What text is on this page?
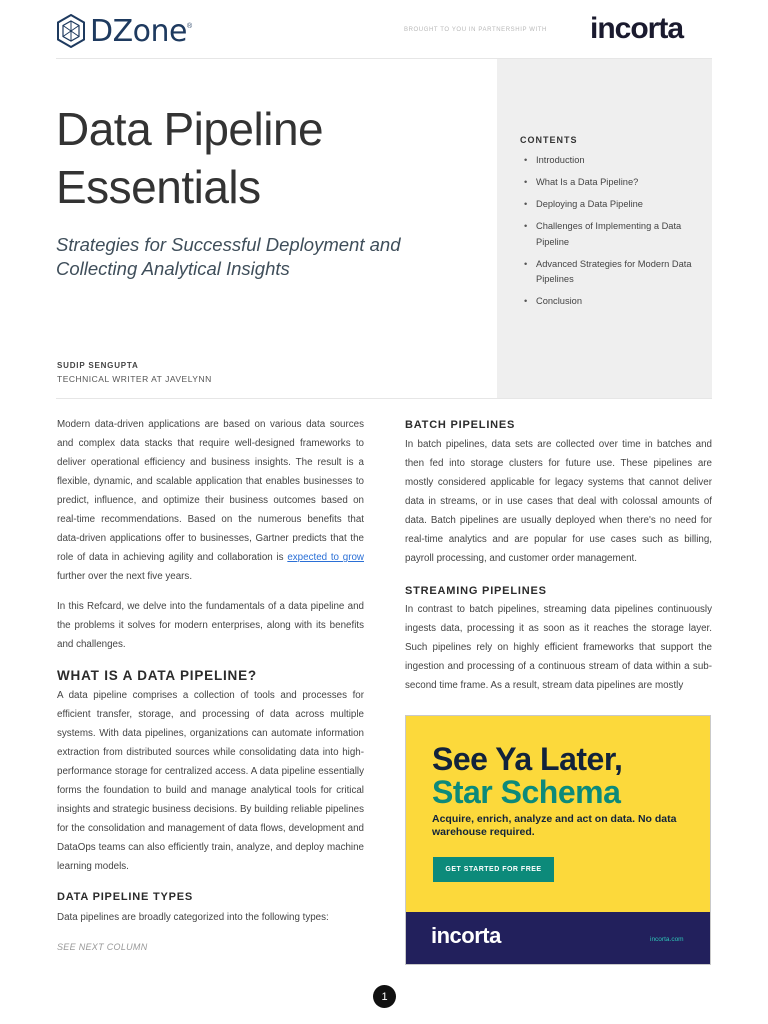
DZone®
BROUGHT TO YOU IN PARTNERSHIP WITH incorta
Data Pipeline
Essentials
Strategies for Successful Deployment and Collecting Analytical Insights
SUDIP SENGUPTA
TECHNICAL WRITER AT JAVELYNN
CONTENTS
• Introduction
• What Is a Data Pipeline?
• Deploying a Data Pipeline
• Challenges of Implementing a Data Pipeline
• Advanced Strategies for Modern Data Pipelines
• Conclusion
Modern data-driven applications are based on various data sources and complex data stacks that require well-designed frameworks to deliver operational efficiency and business insights. The result is a flexible, dynamic, and scalable application that enables businesses to predict, influence, and optimize their business outcomes based on real-time recommendations. Based on the numerous benefits that data-driven applications offer to businesses, Gartner predicts that the role of data in achieving agility and collaboration is expected to grow further over the next five years.
In this Refcard, we delve into the fundamentals of a data pipeline and the problems it solves for modern enterprises, along with its benefits and challenges.
WHAT IS A DATA PIPELINE?
A data pipeline comprises a collection of tools and processes for efficient transfer, storage, and processing of data across multiple systems. With data pipelines, organizations can automate information extraction from distributed sources while consolidating data into high-performance storage for centralized access. A data pipeline essentially forms the foundation to build and manage analytical tools for critical insights and strategic business decisions. By building reliable pipelines for the consolidation and management of data flows, development and DataOps teams can also efficiently train, analyze, and deploy machine learning models.
DATA PIPELINE TYPES
Data pipelines are broadly categorized into the following types:
SEE NEXT COLUMN
BATCH PIPELINES
In batch pipelines, data sets are collected over time in batches and then fed into storage clusters for future use. These pipelines are mostly considered applicable for legacy systems that cannot deliver data in streams, or in use cases that deal with colossal amounts of data. Batch pipelines are usually deployed when there's no need for real-time analytics and are popular for use cases such as billing, payroll processing, and customer order management.
STREAMING PIPELINES
In contrast to batch pipelines, streaming data pipelines continuously ingests data, processing it as soon as it reaches the storage layer. Such pipelines rely on highly efficient frameworks that support the ingestion and processing of a continuous stream of data within a sub-second time frame. As a result, stream data pipelines are mostly
See Ya Later,
Star Schema
Acquire, enrich, analyze and act on data. No data warehouse required.
GET STARTED FOR FREE
incorta	incorta.com
1
